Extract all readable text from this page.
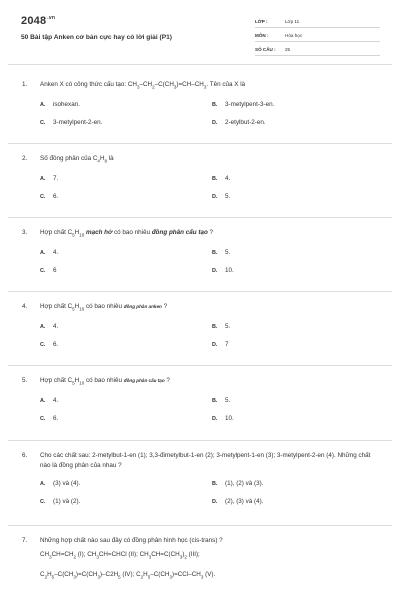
$2048^{.vn}$
50 Bài tập Anken cơ bản cực hay có lời giải (P1)
LỚP :	Lớp 11
MÔN :	Hóa học
SỐ CÂU :	25
1. Anken X có công thức cấu tạo: $CH_3-CH_2-C(CH_3)=CH-CH_3$. Tên của X là
A. isohexan.	B. 3-metylpent-3-en.
C. 3-metylpent-2-en.	D. 2-etylbut-2-en.
2. Số đồng phân của $C_4H_8$ là
A. 7.	B. 4.
C. 6.	D. 5.
3. Hợp chất $C_5H_{10}$ mạch hở có bao nhiêu đồng phân cấu tạo ?
A. 4.	B. 5.
C. 6	D. 10.
4. Hợp chất $C_5H_{10}$ có bao nhiêu đồng phân anken ?
A. 4.	B. 5.
C. 6.	D. 7
5. Hợp chất $C_5H_{10}$ có bao nhiêu đồng phân cấu tạo ?
A. 4.	B. 5.
C. 6.	D. 10.
6. Cho các chất sau: 2-metylbut-1-en (1); 3,3-đimetylbut-1-en (2); 3-metylpent-1-en (3); 3-metylpent-2-en (4). Những chất nào là đồng phân của nhau ?
A. (3) và (4).	B. (1), (2) và (3).
C. (1) và (2).	D. (2), (3) và (4).
7. Những hợp chất nào sau đây có đồng phân hình học (cis-trans) ?
$CH_3CH=CH_2$ (I); $CH_3CH=CHCl$ (II); $CH_3CH=C(CH_3)_2$ (III);
$C_2H_5-C(CH_3)=C(CH_3)-C2H_5$ (IV); $C_2H_5-C(CH_3)=CCl-CH_3$ (V).
